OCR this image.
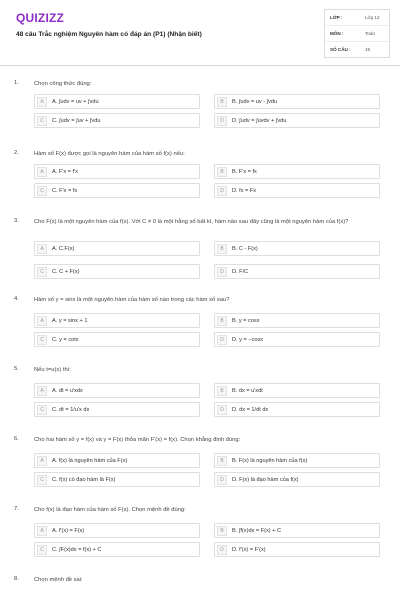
QUIZIZZ
48 câu Trắc nghiệm Nguyên hàm có đáp án (P1) (Nhận biết)
LỚP :	Lớp 12
MÔN :	Toán
SỐ CÂU :	15
1.	Chọn công thức đúng:
A	A. ∫udv = uv + ∫vdu	B	B. ∫udv = uv - ∫vdu
C	C. ∫udv = ∫uv + ∫vdu	D	D. ∫udv = ∫uvdv + ∫vdu
2.	Hàm số F(x) được gọi là nguyên hàm của hàm số f(x) nếu:
A	A. F'x = f'x	B	B. F'x = fx
C	C. F'x = fx	D	D. fx = Fx
3.	Cho F(x) là một nguyên hàm của f(x). Với C ≠ 0 là một hằng số bất kì, hàm nào sau đây cũng là một nguyên hàm của f(x)?
A	A. C.F(x)	B	B. C - F(x)
C	C. C + F(x)	D	D. F/C
4.	Hàm số y = sinx là một nguyên hàm của hàm số nào trong các hàm số sau?
A	A. y = sinx + 1	B	B. y = cosx
C	C. y = cotx	D	D. y = −cosx
5.	Nếu t=u(x) thì:
A	A. dt = u'xdx	B	B. dx = u'xdt
C	C. dt = 1/u'x dx	D	D. dx = 1/dt dx
6.	Cho hai hàm số y = f(x) và y = F(x) thỏa mãn F'(x) = f(x). Chọn khẳng định đúng:
A	A. f(x) là nguyên hàm của F(x)	B	B. F(x) là nguyên hàm của f(x)
C	C. f(x) có đạo hàm là F(x)	D	D. F(x) là đạo hàm của f(x)
7.	Cho f(x) là đạo hàm của hàm số F(x). Chọn mệnh đề đúng:
A	A. f'(x) = F(x)	B	B. ∫f(x)dx = F(x) + C
C	C. ∫F(x)dx = f(x) + C	D	D. f'(x) = F'(x)
8.	Chọn mệnh đề sai:
